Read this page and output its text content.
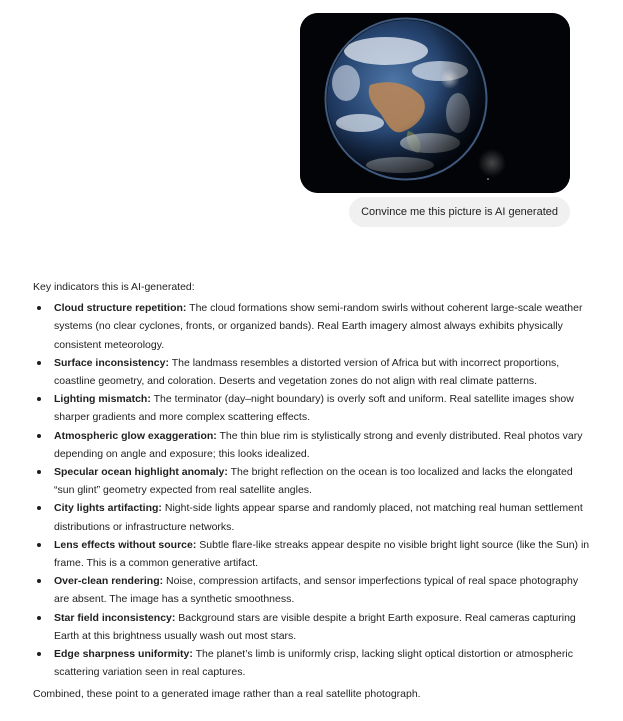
Convince me this picture is AI generated

Key indicators this is AI-generated:

Cloud structure repetition: The cloud formations show semi-random swirls without coherent large-scale weather systems (no clear cyclones, fronts, or organized bands). Real Earth imagery almost always exhibits physically consistent meteorology.
Surface inconsistency: The landmass resembles a distorted version of Africa but with incorrect proportions, coastline geometry, and coloration. Deserts and vegetation zones do not align with real climate patterns.
Lighting mismatch: The terminator (day–night boundary) is overly soft and uniform. Real satellite images show sharper gradients and more complex scattering effects.
Atmospheric glow exaggeration: The thin blue rim is stylistically strong and evenly distributed. Real photos vary depending on angle and exposure; this looks idealized.
Specular ocean highlight anomaly: The bright reflection on the ocean is too localized and lacks the elongated “sun glint” geometry expected from real satellite angles.
City lights artifacting: Night-side lights appear sparse and randomly placed, not matching real human settlement distributions or infrastructure networks.
Lens effects without source: Subtle flare-like streaks appear despite no visible bright light source (like the Sun) in frame. This is a common generative artifact.
Over-clean rendering: Noise, compression artifacts, and sensor imperfections typical of real space photography are absent. The image has a synthetic smoothness.
Star field inconsistency: Background stars are visible despite a bright Earth exposure. Real cameras capturing Earth at this brightness usually wash out most stars.
Edge sharpness uniformity: The planet’s limb is uniformly crisp, lacking slight optical distortion or atmospheric scattering variation seen in real captures.

Combined, these point to a generated image rather than a real satellite photograph.
